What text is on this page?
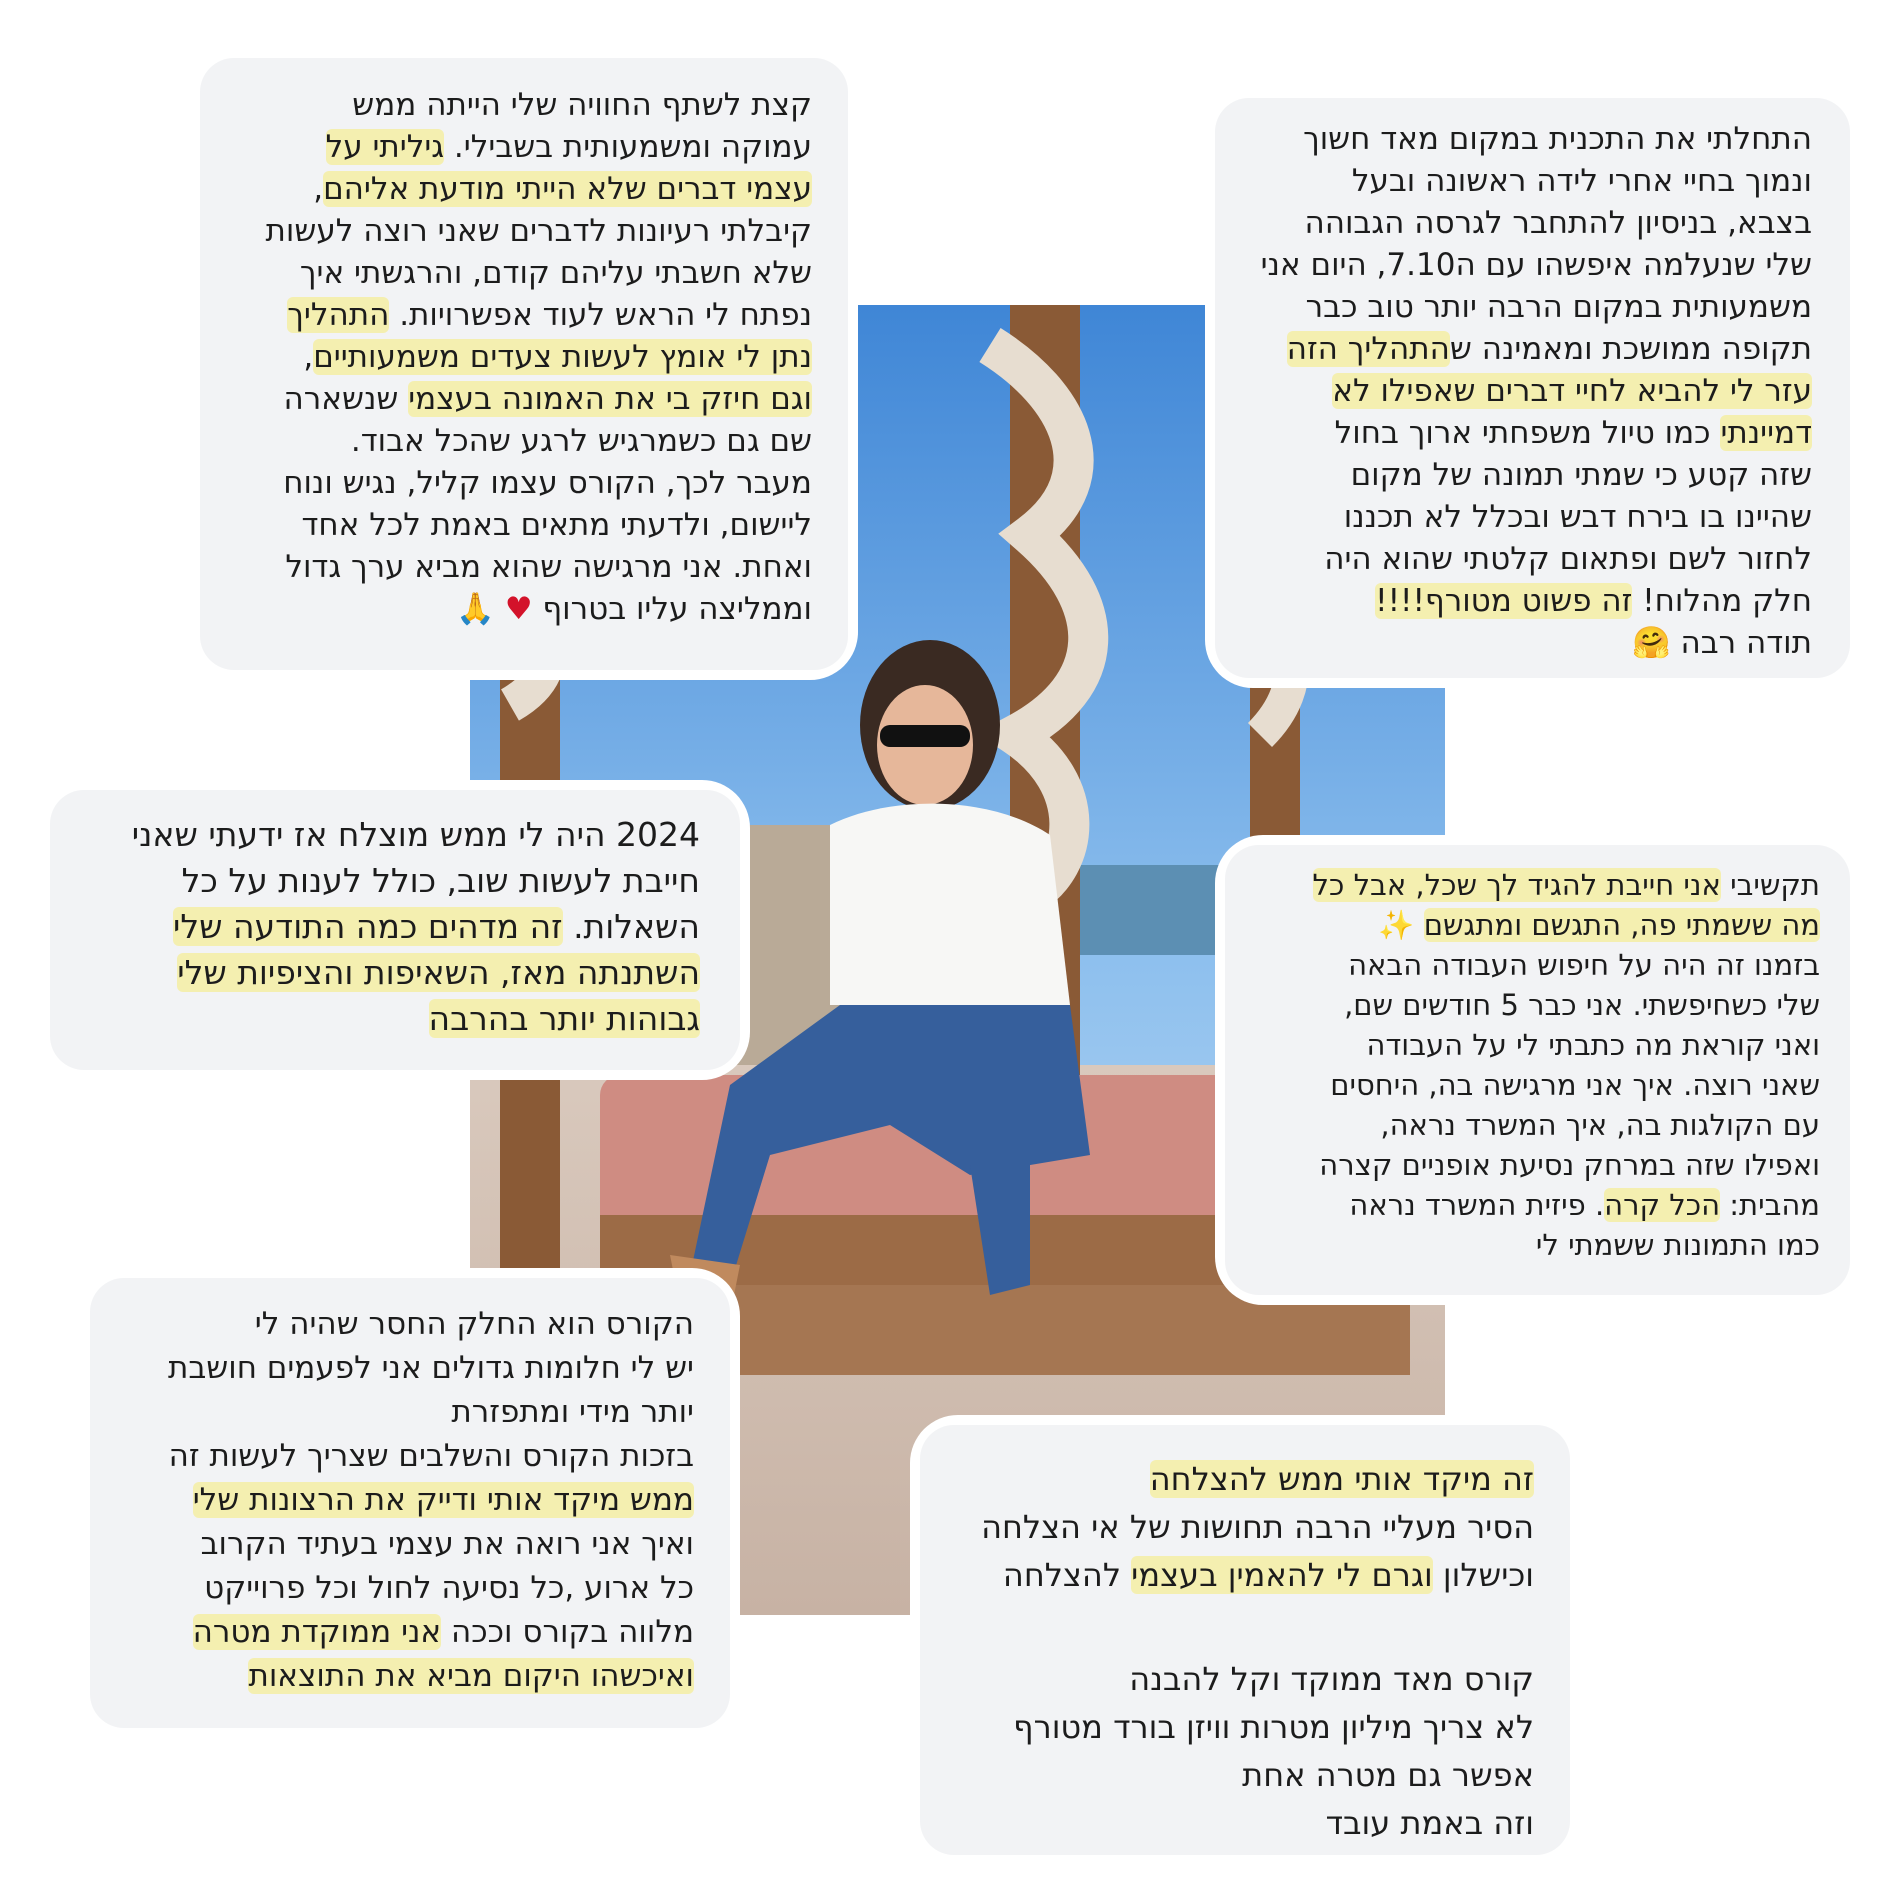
קצת לשתף החוויה שלי הייתה ממש
עמוקה ומשמעותית בשבילי. גיליתי על
עצמי דברים שלא הייתי מודעת אליהם,
קיבלתי רעיונות לדברים שאני רוצה לעשות
שלא חשבתי עליהם קודם, והרגשתי איך
נפתח לי הראש לעוד אפשרויות. התהליך
נתן לי אומץ לעשות צעדים משמעותיים,
וגם חיזק בי את האמונה בעצמי שנשארה
שם גם כשמרגיש לרגע שהכל אבוד.
מעבר לכך, הקורס עצמו קליל, נגיש ונוח
ליישום, ולדעתי מתאים באמת לכל אחד
ואחת. אני מרגישה שהוא מביא ערך גדול
וממליצה עליו בטרוף ♥ 🙏
התחלתי את התכנית במקום מאד חשוך
ונמוך בחיי אחרי לידה ראשונה ובעל
בצבא, בניסיון להתחבר לגרסה הגבוהה
שלי שנעלמה איפשהו עם ה7.10, היום אני
משמעותית במקום הרבה יותר טוב כבר
תקופה ממושכת ומאמינה שהתהליך הזה
עזר לי להביא לחיי דברים שאפילו לא
דמיינתי כמו טיול משפחתי ארוך בחול
שזה קטע כי שמתי תמונה של מקום
שהיינו בו בירח דבש ובכלל לא תכננו
לחזור לשם ופתאום קלטתי שהוא היה
חלק מהלוח! זה פשוט מטורף!!!!
תודה רבה 🤗
2024 היה לי ממש מוצלח אז ידעתי שאני
חייבת לעשות שוב, כולל לענות על כל
השאלות. זה מדהים כמה התודעה שלי
השתנתה מאז, השאיפות והציפיות שלי
גבוהות יותר בהרבה
תקשיבי אני חייבת להגיד לך שכל, אבל כל
מה ששמתי פה, התגשם ומתגשם ✨
בזמנו זה היה על חיפוש העבודה הבאה
שלי כשחיפשתי. אני כבר 5 חודשים שם,
ואני קוראת מה כתבתי לי על העבודה
שאני רוצה. איך אני מרגישה בה, היחסים
עם הקולגות בה, איך המשרד נראה,
ואפילו שזה במרחק נסיעת אופניים קצרה
מהבית: הכל קרה. פיזית המשרד נראה
כמו התמונות ששמתי לי
הקורס הוא החלק החסר שהיה לי
יש לי חלומות גדולים אני לפעמים חושבת
יותר מידי ומתפזרת
בזכות הקורס והשלבים שצריך לעשות זה
ממש מיקד אותי ודייק את הרצונות שלי
ואיך אני רואה את עצמי בעתיד הקרוב
כל ארוע ,כל נסיעה לחול וכל פרוייקט
מלווה בקורס וככה אני ממוקדת מטרה
ואיכשהו היקום מביא את התוצאות
זה מיקד אותי ממש להצלחה
הסיר מעליי הרבה תחושות של אי הצלחה
וכישלון וגרם לי להאמין בעצמי להצלחה
קורס מאד ממוקד וקל להבנה
לא צריך מיליון מטרות וויזן בורד מטורף
אפשר גם מטרה אחת
וזה באמת עובד
